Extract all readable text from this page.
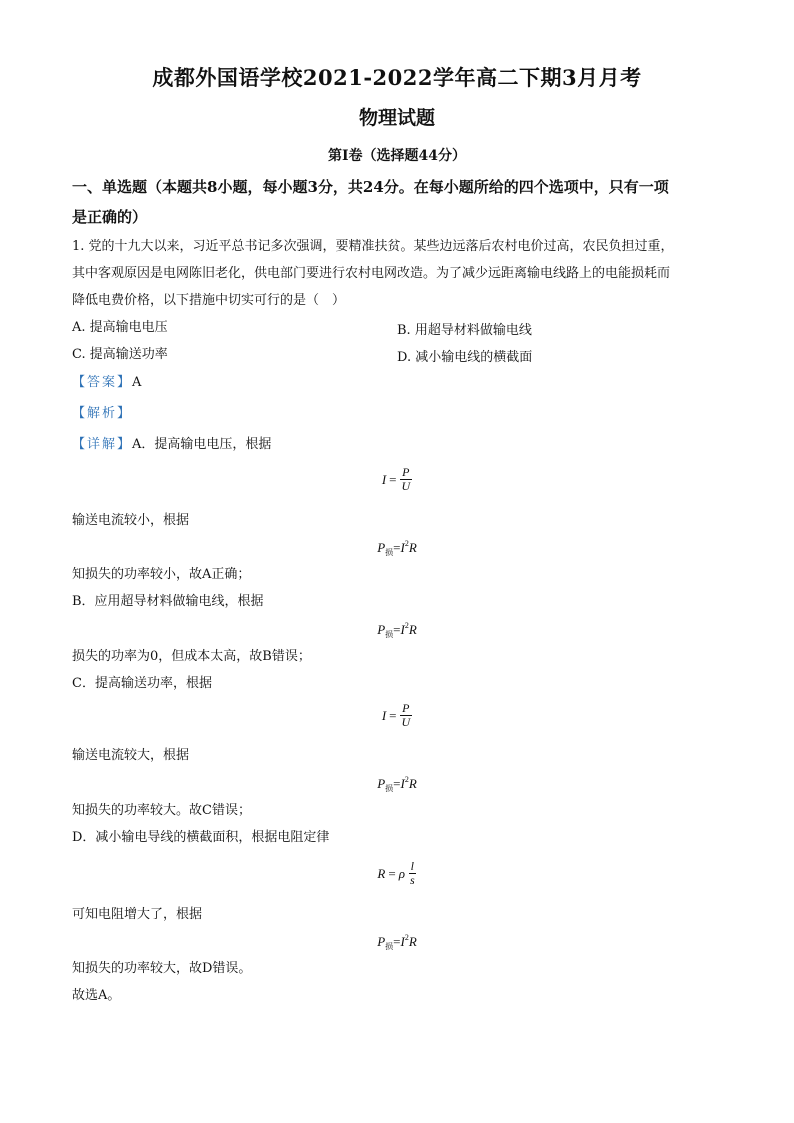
成都外国语学校2021-2022学年高二下期3月月考
物理试题
第I卷（选择题44分）
一、单选题（本题共8小题，每小题3分，共24分。在每小题所给的四个选项中，只有一项
是正确的）
1. 党的十九大以来，习近平总书记多次强调，要精准扶贫。某些边远落后农村电价过高，农民负担过重，
其中客观原因是电网陈旧老化，供电部门要进行农村电网改造。为了减少远距离输电线路上的电能损耗而
降低电费价格，以下措施中切实可行的是（　）
A. 提高输电电压	B. 用超导材料做输电线
C. 提高输送功率	D. 减小输电线的横截面
【答案】A
【解析】
【详解】A．提高输电电压，根据
$I = \frac{P}{U}$
输送电流较小，根据
$P_损=I^2R$
知损失的功率较小，故A正确；
B．应用超导材料做输电线，根据
$P_损=I^2R$
损失的功率为0，但成本太高，故B错误；
C．提高输送功率，根据
$I = \frac{P}{U}$
输送电流较大，根据
$P_损=I^2R$
知损失的功率较大。故C错误；
D．减小输电导线的横截面积，根据电阻定律
R = ρ $\frac{l}{s}$
可知电阻增大了，根据
$P_损=I^2R$
知损失的功率较大，故D错误。
故选A。
